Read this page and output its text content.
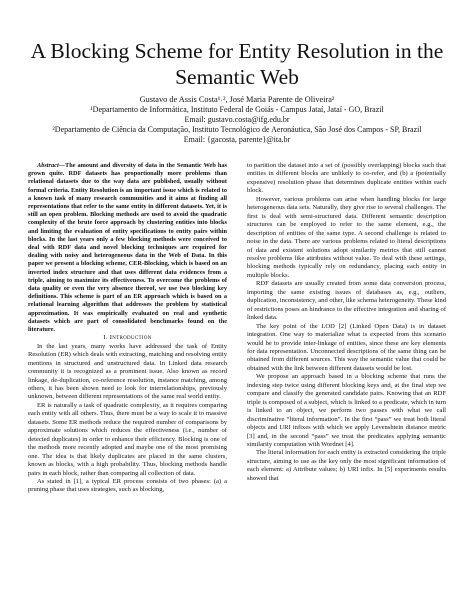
A Blocking Scheme for Entity Resolution in the Semantic Web
Gustavo de Assis Costa¹˒², José Maria Parente de Oliveira²
¹Departamento de Informática, Instituto Federal de Goiás - Campus Jataí, Jataí - GO, Brazil
Email: gustavo.costa@ifg.edu.br
²Departamento de Ciência da Computação, Instituto Tecnológico de Aeronáutica, São José dos Campos - SP, Brazil
Email: {gacosta, parente}@ita.br

Abstract—The amount and diversity of data in the Semantic Web has grown quite. RDF datasets has proportionally more problems than relational datasets due to the way data are published, usually without formal criteria. Entity Resolution is an important issue which is related to a known task of many research communities and it aims at finding all representations that refer to the same entity in different datasets. Yet, it is still an open problem. Blocking methods are used to avoid the quadratic complexity of the brute force approach by clustering entities into blocks and limiting the evaluation of entity specifications to entity pairs within blocks. In the last years only a few blocking methods were conceived to deal with RDF data and novel blocking techniques are required for dealing with noisy and heterogeneous data in the Web of Data. In this paper we present a blocking scheme, CER-Blocking, which is based on an inverted index structure and that uses different data evidences from a triple, aiming to maximize its effectiveness. To overcome the problems of data quality or even the very absence thereof, we use two blocking key definitions. This scheme is part of an ER approach which is based on a relational learning algorithm that addresses the problem by statistical approximation. It was empirically evaluated on real and synthetic datasets which are part of consolidated benchmarks found on the literature.

I. Introduction

In the last years, many works have addressed the task of Entity Resolution (ER) which deals with extracting, matching and resolving entity mentions in structured and unstructured data. In Linked data research community it is recognized as a prominent issue. Also known as record linkage, de-duplication, co-reference resolution, instance matching, among others, it has been shown need to look for interrelationships, previously unknown, between different representations of the same real world entity.

ER is naturally a task of quadratic complexity, as it requires comparing each entity with all others. Thus, there must be a way to scale it to massive datasets. Some ER methods reduce the required number of comparisons by approximate solutions which reduces the effectiveness (i.e., number of detected duplicates) in order to enhance their efficiency. Blocking is one of the methods more recently adopted and maybe one of the most promising one. The idea is that likely duplicates are placed in the same clusters, known as blocks, with a high probability. Thus, blocking methods handle pairs in each block, rather than comparing all collection of data.

As stated in [1], a typical ER process consists of two phases: (a) a pruning phase that uses strategies, such as blocking,

to partition the dataset into a set of (possibly overlapping) blocks such that entities in different blocks are unlikely to co-refer, and (b) a (potentially expensive) resolution phase that determines duplicate entities within each block.

However, various problems can arise when handling blocks for large heterogeneous data sets. Naturally, they give rise to several challenges. The first is deal with semi-structured data. Different semantic description structures can be employed to refer to the same element, e.g., the description of entities of the same type. A second challenge is related to noise in the data. There are various problems related to literal descriptions of data and existent solutions adopt similarity metrics that still cannot resolve problems like attributes without value. To deal with these settings, blocking methods typically rely on redundancy, placing each entity in multiple blocks.

RDF datasets are usually created from some data conversion process, importing the same existing issues of databases as, e.g., outliers, duplication, inconsistency, and other, like schema heterogeneity. These kind of restrictions poses an hindrance to the effective integration and sharing of linked data.

The key point of the LOD [2] (Linked Open Data) is in dataset integration. One way to materialize what is expected from this scenario would be to provide inter-linkage of entities, since these are key elements for data representation. Unconnected descriptions of the same thing can be obtained from different sources. This way the semantic value that could be obtained with the link between different datasets would be lost.

We propose an approach based in a blocking scheme that runs the indexing step twice using different blocking keys and, at the final step we compare and classify the generated candidate pairs. Knowing that an RDF triple is composed of a subject, which is linked to a predicate, which in turn is linked to an object, we perform two passes with what we call discriminative “literal information”. In the first “pass” we treat both literal objects and URI infixes with which we apply Levenshtein distance metric [3] and, in the second “pass” we treat the predicates applying semantic similarity computation with Wordnet [4].

The literal information for each entity is extracted considering the triple structure, aiming to use as the key only the most significant information of each element: a) Attribute values; b) URI infix. In [5] experiments results showed that
